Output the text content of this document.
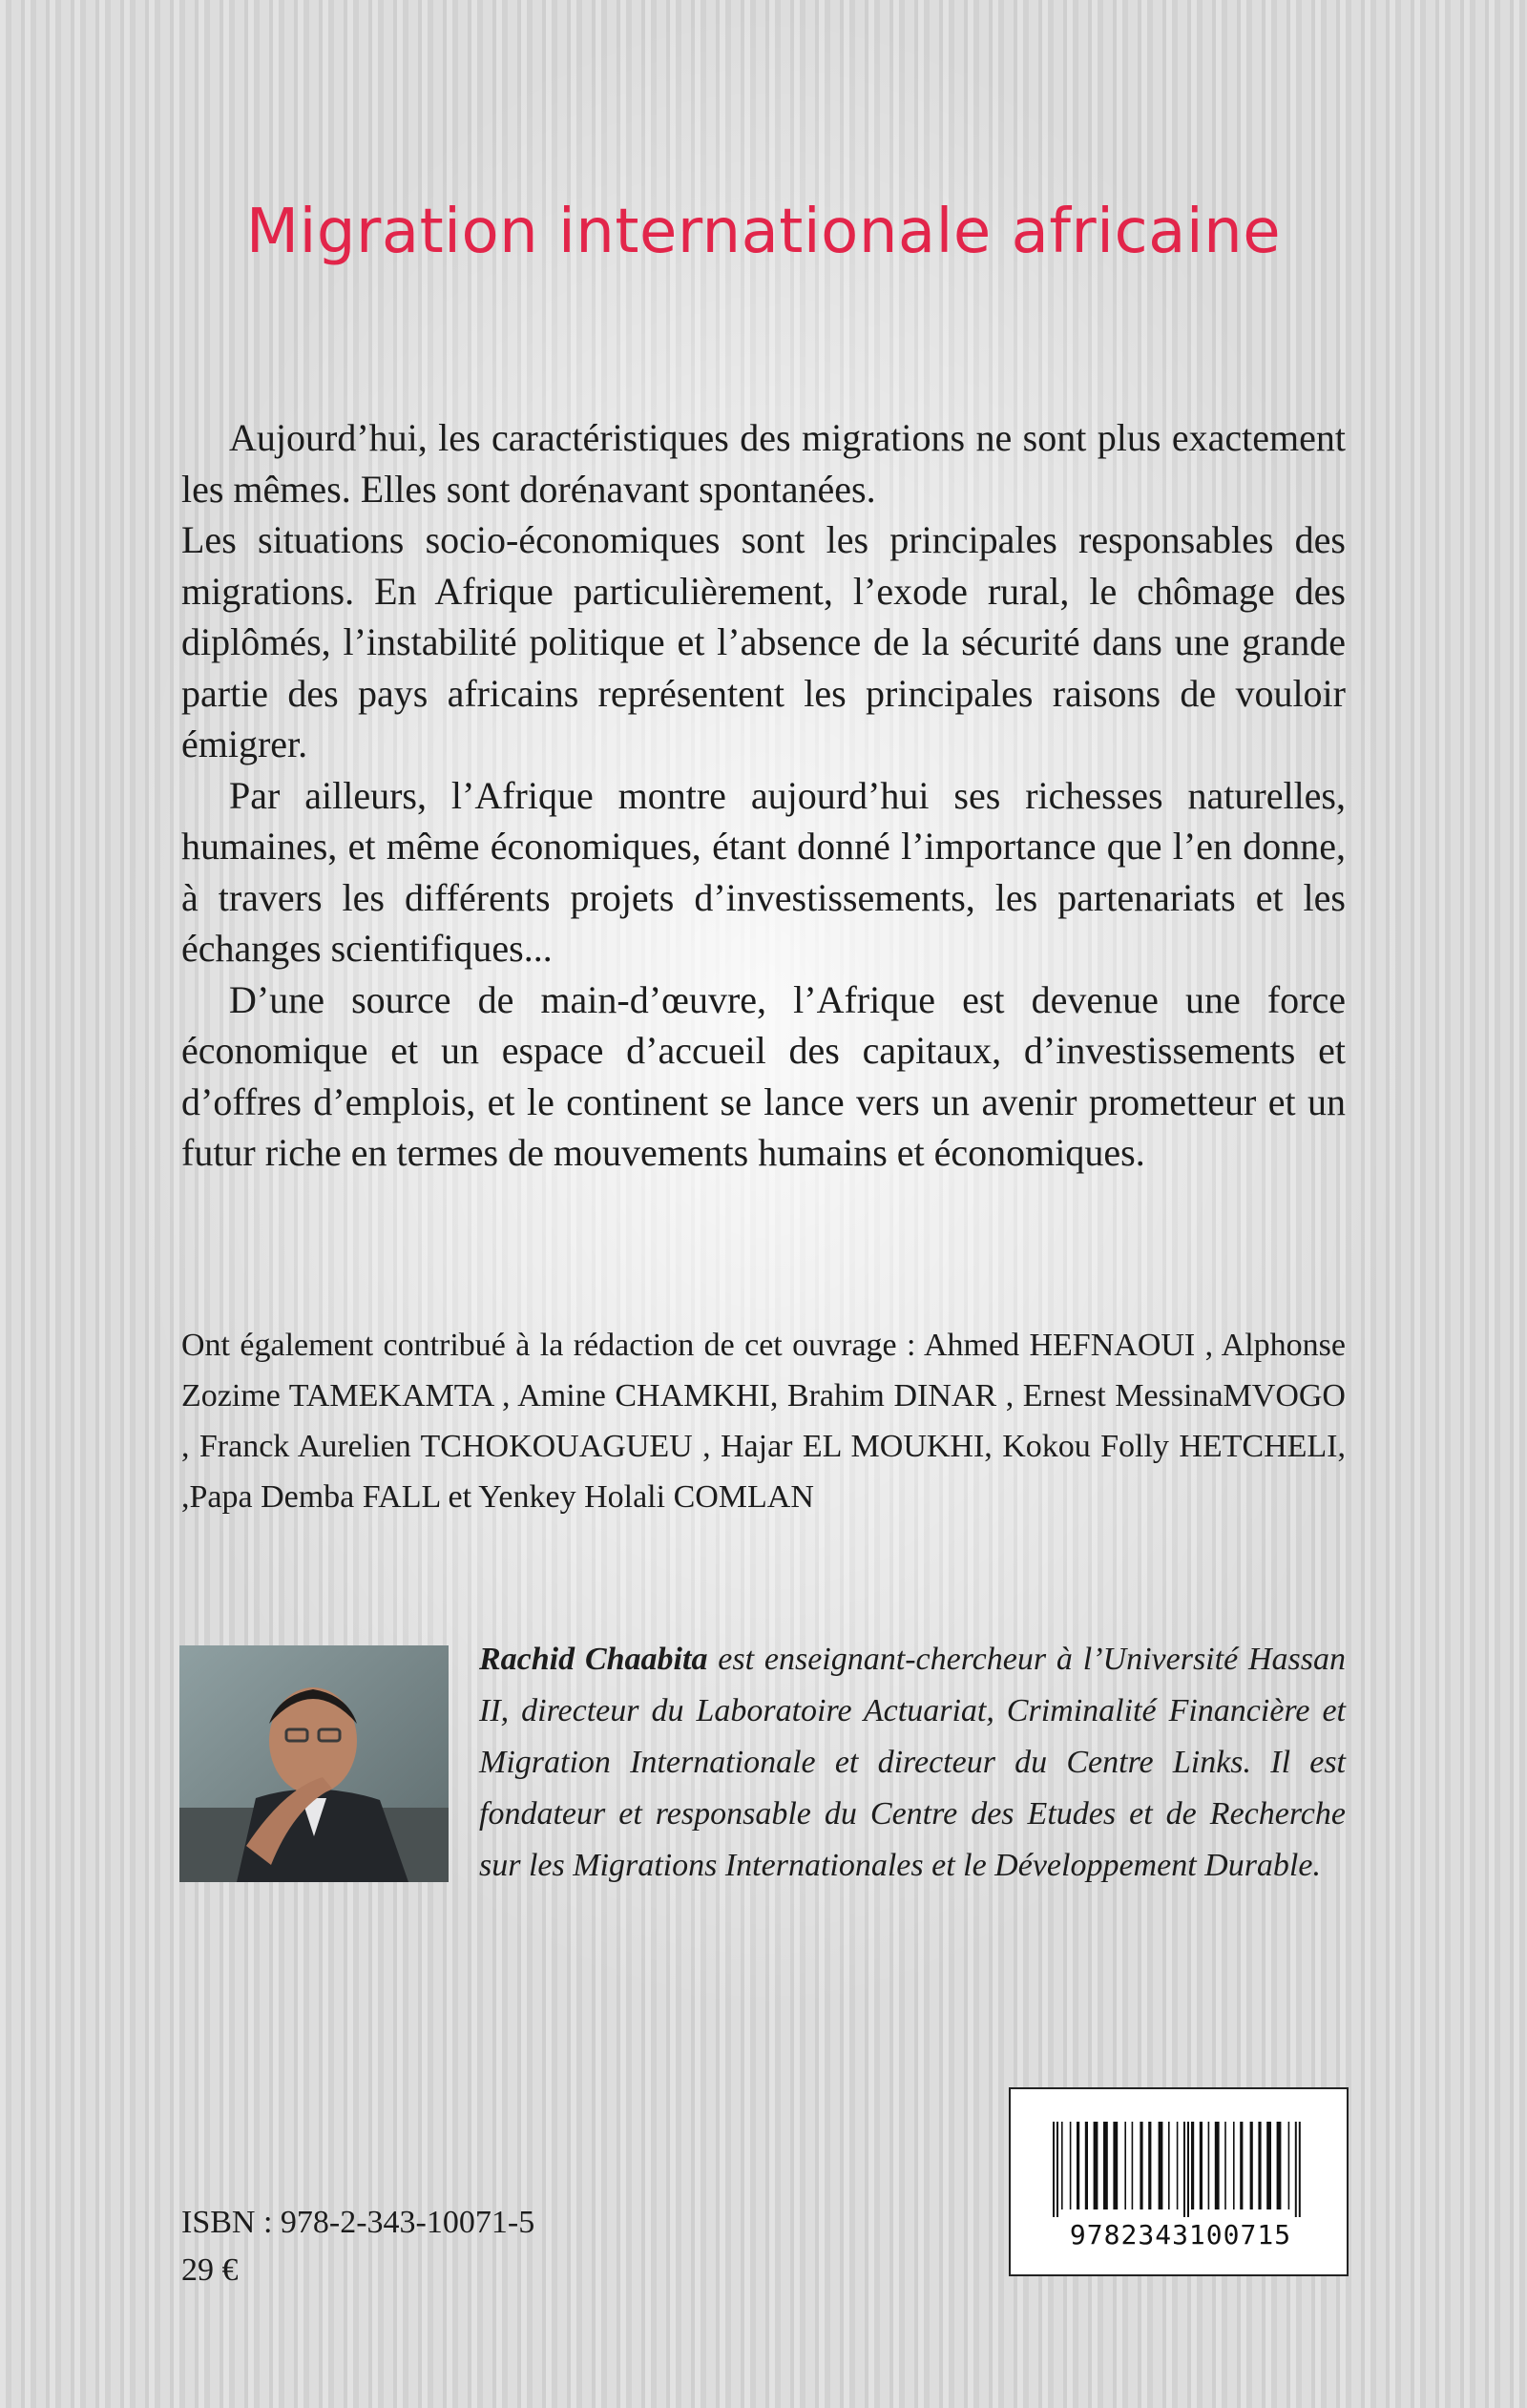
Migration internationale africaine

Aujourd’hui, les caractéristiques des migrations ne sont plus exactement les mêmes. Elles sont dorénavant spontanées.

Les situations socio-économiques sont les principales responsables des migrations. En Afrique particulièrement, l’exode rural, le chômage des diplômés, l’instabilité politique et l’absence de la sécurité dans une grande partie des pays africains représentent les principales raisons de vouloir émigrer.

Par ailleurs, l’Afrique montre aujourd’hui ses richesses naturelles, humaines, et même économiques, étant donné l’importance que l’en donne, à travers les différents projets d’investissements, les partenariats et les échanges scientifiques...

D’une source de main-d’œuvre, l’Afrique est devenue une force économique et un espace d’accueil des capitaux, d’investissements et d’offres d’emplois, et le continent se lance vers un avenir prometteur et un futur riche en termes de mouvements humains et économiques.

Ont également contribué à la rédaction de cet ouvrage : Ahmed HEFNAOUI , Alphonse Zozime TAMEKAMTA , Amine CHAMKHI, Brahim DINAR , Ernest MessinaMVOGO , Franck Aurelien TCHOKOUAGUEU , Hajar EL MOUKHI, Kokou Folly HETCHELI, ,Papa Demba FALL et Yenkey Holali COMLAN
Rachid Chaabita est enseignant-chercheur à l’Université Hassan II, directeur du Laboratoire Actuariat, Criminalité Financière et Migration Internationale et directeur du Centre Links. Il est fondateur et responsable du Centre des Etudes et de Recherche sur les Migrations Internationales et le Développement Durable.
ISBN : 978-2-343-10071-5
29 €
9782343100715
